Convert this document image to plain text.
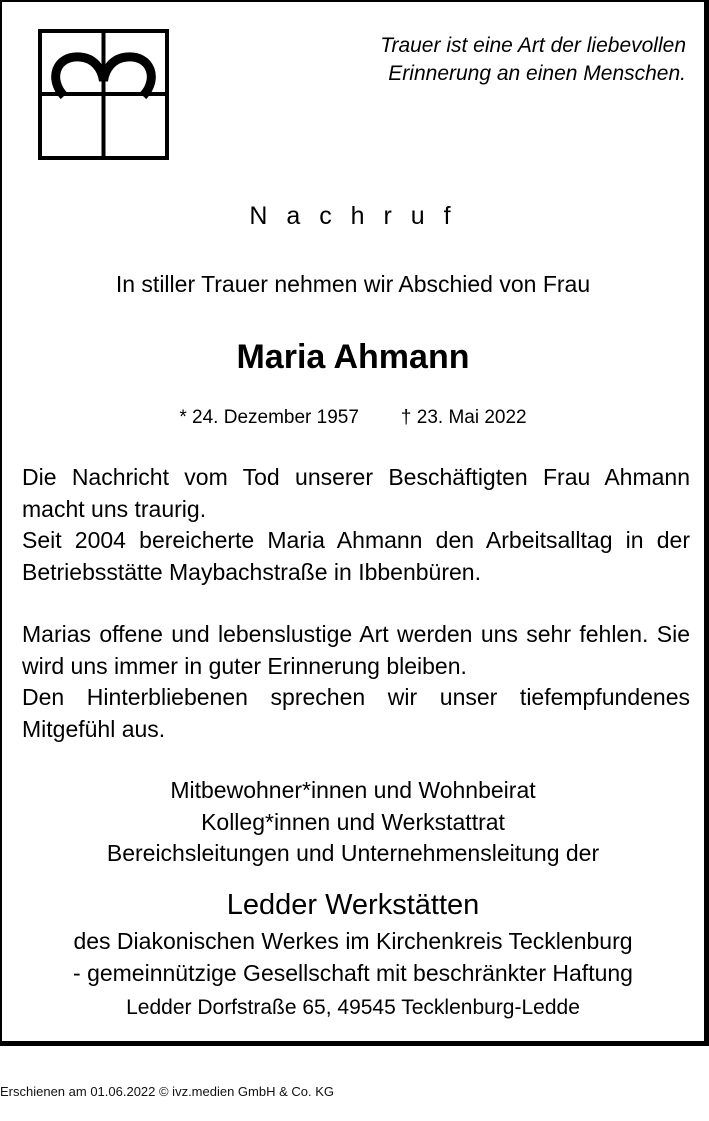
Trauer ist eine Art der liebevollen
Erinnerung an einen Menschen.
N a c h r u f
In stiller Trauer nehmen wir Abschied von Frau
Maria Ahmann
* 24. Dezember 1957 † 23. Mai 2022

Die Nachricht vom Tod unserer Beschäftigten Frau Ahmann macht uns traurig.

Seit 2004 bereicherte Maria Ahmann den Arbeitsalltag in der Betriebsstätte Maybachstraße in Ibbenbüren.

Marias offene und lebenslustige Art werden uns sehr fehlen. Sie wird uns immer in guter Erinnerung bleiben.

Den Hinterbliebenen sprechen wir unser tiefempfundenes Mitgefühl aus.

Mitbewohner*innen und Wohnbeirat
Kolleg*innen und Werkstattrat
Bereichsleitungen und Unternehmensleitung der
Ledder Werkstätten
des Diakonischen Werkes im Kirchenkreis Tecklenburg
- gemeinnützige Gesellschaft mit beschränkter Haftung
Ledder Dorfstraße 65, 49545 Tecklenburg-Ledde
Erschienen am 01.06.2022 © ivz.medien GmbH & Co. KG
